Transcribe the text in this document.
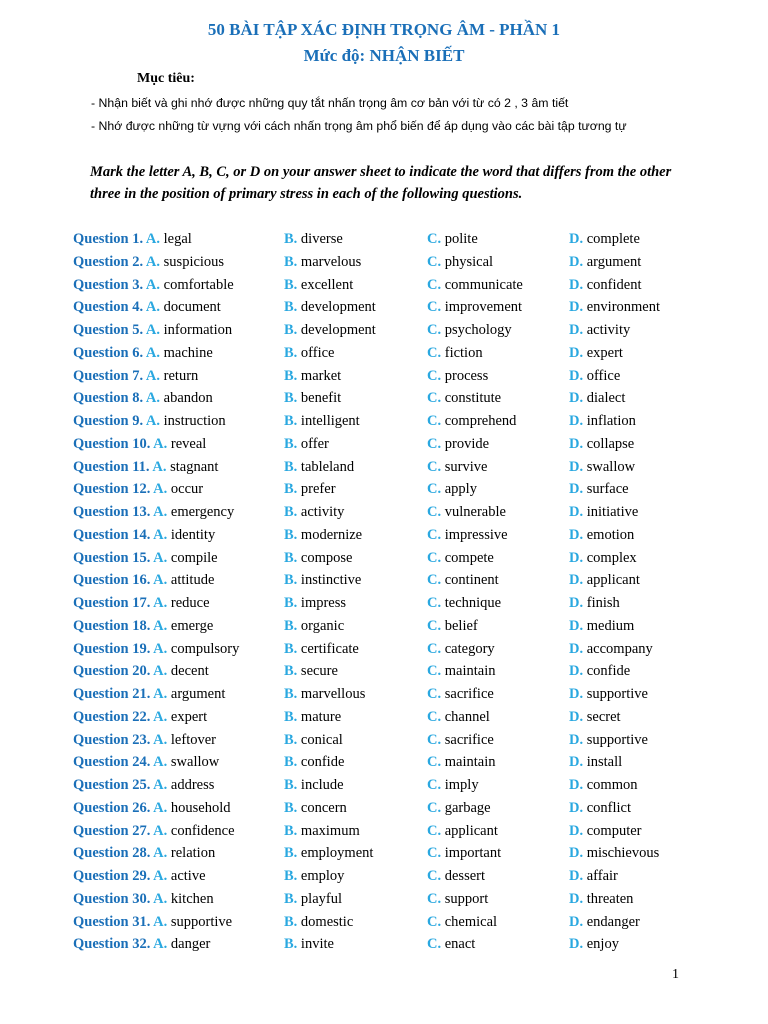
50 BÀI TẬP XÁC ĐỊNH TRỌNG ÂM - PHẦN 1
Mức độ: NHẬN BIẾT
Mục tiêu:
- Nhận biết và ghi nhớ được những quy tắt nhấn trọng âm cơ bản với từ có 2 , 3 âm tiết
- Nhớ được những từ vựng với cách nhấn trọng âm phổ biến để áp dụng vào các bài tập tương tự
Mark the letter A, B, C, or D on your answer sheet to indicate the word that differs from the other three in the position of primary stress in each of the following questions.
Question 1. A. legal	B. diverse	C. polite	D. complete
Question 2. A. suspicious	B. marvelous	C. physical	D. argument
Question 3. A. comfortable	B. excellent	C. communicate	D. confident
Question 4. A. document	B. development	C. improvement	D. environment
Question 5. A. information	B. development	C. psychology	D. activity
Question 6. A. machine	B. office	C. fiction	D. expert
Question 7. A. return	B. market	C. process	D. office
Question 8. A. abandon	B. benefit	C. constitute	D. dialect
Question 9. A. instruction	B. intelligent	C. comprehend	D. inflation
Question 10. A. reveal	B. offer	C. provide	D. collapse
Question 11. A. stagnant	B. tableland	C. survive	D. swallow
Question 12. A. occur	B. prefer	C. apply	D. surface
Question 13. A. emergency	B. activity	C. vulnerable	D. initiative
Question 14. A. identity	B. modernize	C. impressive	D. emotion
Question 15. A. compile	B. compose	C. compete	D. complex
Question 16. A. attitude	B. instinctive	C. continent	D. applicant
Question 17. A. reduce	B. impress	C. technique	D. finish
Question 18. A. emerge	B. organic	C. belief	D. medium
Question 19. A. compulsory	B. certificate	C. category	D. accompany
Question 20. A. decent	B. secure	C. maintain	D. confide
Question 21. A. argument	B. marvellous	C. sacrifice	D. supportive
Question 22. A. expert	B. mature	C. channel	D. secret
Question 23. A. leftover	B. conical	C. sacrifice	D. supportive
Question 24. A. swallow	B. confide	C. maintain	D. install
Question 25. A. address	B. include	C. imply	D. common
Question 26. A. household	B. concern	C. garbage	D. conflict
Question 27. A. confidence	B. maximum	C. applicant	D. computer
Question 28. A. relation	B. employment	C. important	D. mischievous
Question 29. A. active	B. employ	C. dessert	D. affair
Question 30. A. kitchen	B. playful	C. support	D. threaten
Question 31. A. supportive	B. domestic	C. chemical	D. endanger
Question 32. A. danger	B. invite	C. enact	D. enjoy
1
